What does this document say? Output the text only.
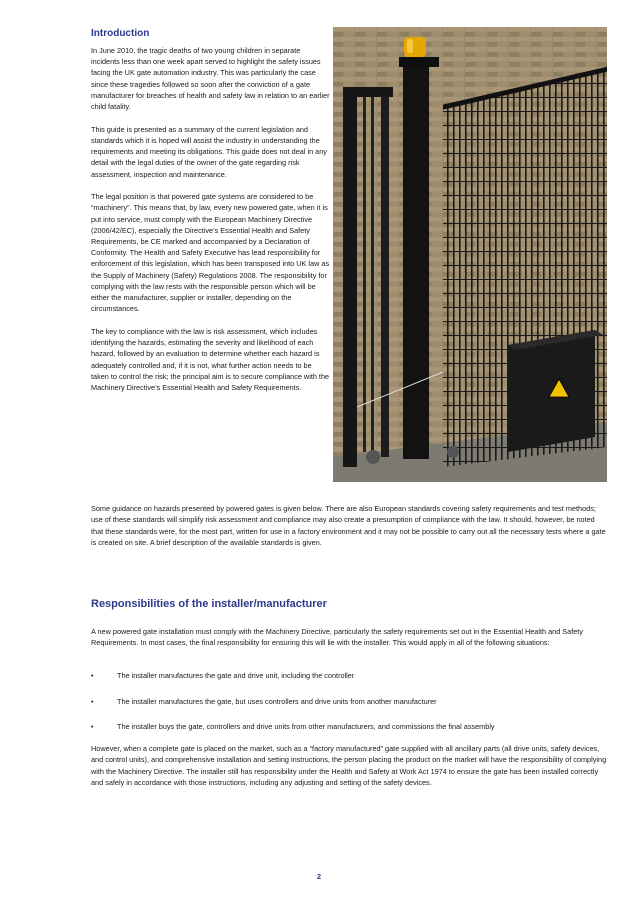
Introduction

In June 2010, the tragic deaths of two young children in separate incidents less than one week apart served to highlight the safety issues facing the UK gate automation industry. This was particularly the case since these tragedies followed so soon after the conviction of a gate manufacturer for breaches of health and safety law in relation to an earlier child fatality.

This guide is presented as a summary of the current legislation and standards which it is hoped will assist the industry in understanding the requirements and meeting its obligations. This guide does not deal in any detail with the legal duties of the owner of the gate regarding risk assessment, inspection and maintenance.

The legal position is that powered gate systems are considered to be “machinery”. This means that, by law, every new powered gate, when it is put into service, must comply with the European Machinery Directive (2006/42/EC), especially the Directive’s Essential Health and Safety Requirements, be CE marked and accompanied by a Declaration of Conformity. The Health and Safety Executive has lead responsibility for enforcement of this legislation, which has been transposed into UK law as the Supply of Machinery (Safety) Regulations 2008. The responsibility for complying with the law rests with the responsible person which will be either the manufacturer, supplier or installer, depending on the circumstances.

The key to compliance with the law is risk assessment, which includes identifying the hazards, estimating the severity and likelihood of each hazard, followed by an evaluation to determine whether each hazard is adequately controlled and, if it is not, what further action needs to be taken to control the risk; the principal aim is to secure compliance with the Machinery Directive’s Essential Health and Safety Requirements.

Some guidance on hazards presented by powered gates is given below. There are also European standards covering safety requirements and test methods; use of these standards will simplify risk assessment and compliance may also create a presumption of compliance with the law. It should, however, be noted that these standards were, for the most part, written for use in a factory environment and it may not be possible to carry out all the necessary tests where a gate is created on site. A brief description of the available standards is given.

Responsibilities of the installer/manufacturer

A new powered gate installation must comply with the Machinery Directive, particularly the safety requirements set out in the Essential Health and Safety Requirements. In most cases, the final responsibility for ensuring this will lie with the installer. This would apply in all of the following situations:

•	The installer manufactures the gate and drive unit, including the controller
•	The installer manufactures the gate, but uses controllers and drive units from another manufacturer
•	The installer buys the gate, controllers and drive units from other manufacturers, and commissions the final assembly

However, when a complete gate is placed on the market, such as a “factory manufactured” gate supplied with all ancillary parts (all drive units, safety devices, and control units), and comprehensive installation and setting instructions, the person placing the product on the market will have the responsibility of complying with the Machinery Directive. The installer still has responsibility under the Health and Safety at Work Act 1974 to ensure the gate has been installed correctly and safely in accordance with those instructions, including any adjusting and setting of the safety devices.

2
